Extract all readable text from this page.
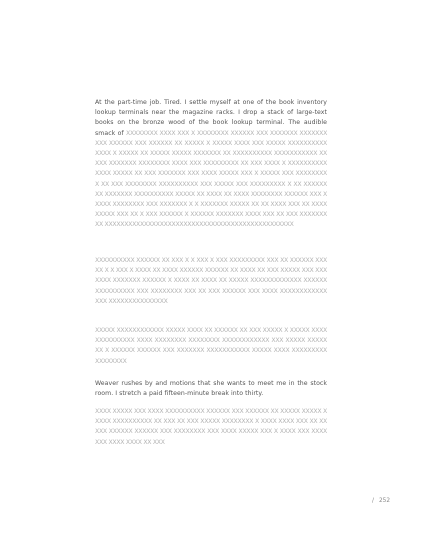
At the part-time job. Tired. I settle myself at one of the book inventory lookup terminals near the magazine racks. I drop a stack of large-text books on the bronze wood of the book lookup terminal. The audible smack of XXXXXXXX XXXX XXX X XXXXXXXX XXXXXX XXX XXXXXXX XXXXXXXXXX XXXXXX XXX XXXXXX XX XXXXX X XXXXX XXXX XXX XXXXX XXXXXXXXXX XXXX X XXXXX XX XXXXX XXXXX XXXXXXX XX XXXXXXXXXX XXXXXXXXXXX XX XXX XXXXXXX XXXXXXXX XXXX XXX XXXXXXXXX XX XXX XXXX X XXXXXXXXXXXXXX XXXXX XX XXX XXXXXXX XXX XXXX XXXXX XXX X XXXXX XXX XXXXXXXXX XX XXX XXXXXXXX XXXXXXXXXX XXX XXXXX XXX XXXXXXXXX X XX XXXXXX XX XXXXXXX XXXXXXXXXX XXXXX XX XXXX XX XXXX XXXXXXXX XXXXXX XXX XXXXX XXXXXXXX XXX XXXXXXX X X XXXXXXX XXXXX XX XX XXXX XXX XX XXXX XXXXX XXX XX X XXX XXXXXX X XXXXXX XXXXXXX XXXX XXX XX XXX XXXXXXXXX XXXXXXXXXXXXXXXXXXXXXXXXXXXXXXXXXXXXXXXXXXXXXXXX

XXXXXXXXXX XXXXXX XX XXX X X XXX X XXX XXXXXXXXX XXX XX XXXXXX XXXXX X X XXX X XXXX XX XXXX XXXXXX XXXXXX XX XXXX XX XXX XXXXX XXX XXXXXXX XXXXXXX XXXXXX X XXXX XX XXXX XX XXXXX XXXXXXXXXXXXX XXXXXX XXXXXXXXXX XXX XXXXXXXX XXX XX XXX XXXXXX XXX XXXX XXXXXXXXXXXX XXX XXXXXXXXXXXXXXX

XXXXX XXXXXXXXXXXX XXXXX XXXX XX XXXXXX XX XXX XXXXX X XXXXX XXXXXXXXXXXXXX XXXX XXXXXXXX XXXXXXXX XXXXXXXXXXXX XXX XXXXX XXXXXXX X XXXXXX XXXXXX XXX XXXXXXX XXXXXXXXXXX XXXXX XXXX XXXXXXXXX XXXXXXXX

Weaver rushes by and motions that she wants to meet me in the stock room. I stretch a paid fifteen-minute break into thirty.

XXXX XXXXX XXX XXXX XXXXXXXXXX XXXXXX XXX XXXXXX XX XXXXX XXXXX XXXXX XXXXXXXXXX XX XXX XX XXX XXXXX XXXXXXXX X XXXX XXXX XXX XX XX XXX XXXXXX XXXXXX XXX XXXXXXXX XXX XXXX XXXXX XXX X XXXX XXX XXXX XXX XXXX XXXX XX XXX

/ 252
